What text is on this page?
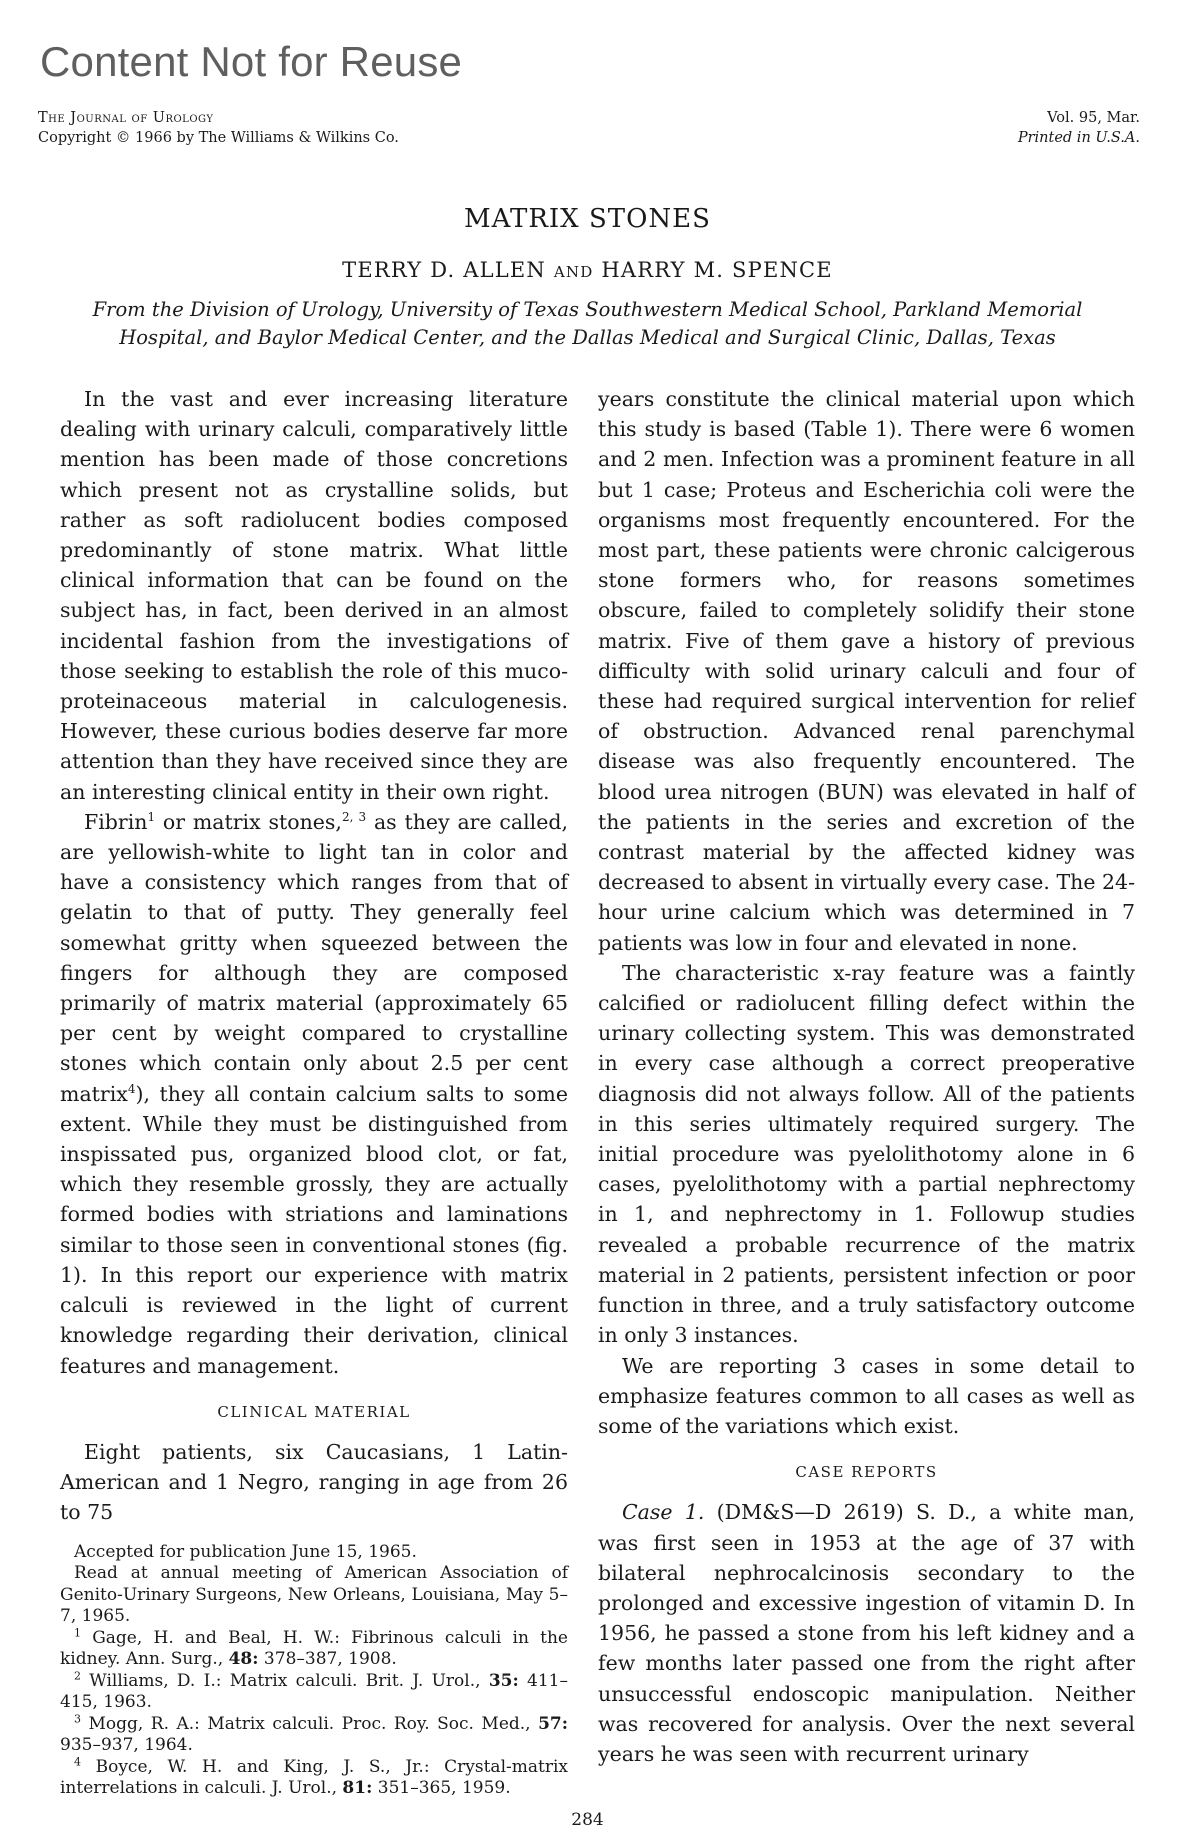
Content Not for Reuse
The Journal of Urology
Copyright © 1966 by The Williams & Wilkins Co.
Vol. 95, Mar.
Printed in U.S.A.
MATRIX STONES
TERRY D. ALLEN AND HARRY M. SPENCE
From the Division of Urology, University of Texas Southwestern Medical School, Parkland Memorial
Hospital, and Baylor Medical Center, and the Dallas Medical and Surgical Clinic, Dallas, Texas

In the vast and ever increasing literature dealing with urinary calculi, comparatively little mention has been made of those concretions which present not as crystalline solids, but rather as soft radiolucent bodies composed predominantly of stone matrix. What little clinical information that can be found on the subject has, in fact, been derived in an almost incidental fashion from the investigations of those seeking to establish the role of this muco-proteinaceous material in calculogenesis. However, these curious bodies deserve far more attention than they have received since they are an interesting clinical entity in their own right.

Fibrin$^1$ or matrix stones,$^{2, 3}$ as they are called, are yellowish-white to light tan in color and have a consistency which ranges from that of gelatin to that of putty. They generally feel somewhat gritty when squeezed between the fingers for although they are composed primarily of matrix material (approximately 65 per cent by weight compared to crystalline stones which contain only about 2.5 per cent matrix$^4$), they all contain calcium salts to some extent. While they must be distinguished from inspissated pus, organized blood clot, or fat, which they resemble grossly, they are actually formed bodies with striations and laminations similar to those seen in conventional stones (fig. 1). In this report our experience with matrix calculi is reviewed in the light of current knowledge regarding their derivation, clinical features and management.

CLINICAL MATERIAL

Eight patients, six Caucasians, 1 Latin-American and 1 Negro, ranging in age from 26 to 75

Accepted for publication June 15, 1965.

Read at annual meeting of American Association of Genito-Urinary Surgeons, New Orleans, Louisiana, May 5–7, 1965.

$^1$ Gage, H. and Beal, H. W.: Fibrinous calculi in the kidney. Ann. Surg., 48: 378–387, 1908.

$^2$ Williams, D. I.: Matrix calculi. Brit. J. Urol., 35: 411–415, 1963.

$^3$ Mogg, R. A.: Matrix calculi. Proc. Roy. Soc. Med., 57: 935–937, 1964.

$^4$ Boyce, W. H. and King, J. S., Jr.: Crystal-matrix interrelations in calculi. J. Urol., 81: 351–365, 1959.

years constitute the clinical material upon which this study is based (Table 1). There were 6 women and 2 men. Infection was a prominent feature in all but 1 case; Proteus and Escherichia coli were the organisms most frequently encountered. For the most part, these patients were chronic calcigerous stone formers who, for reasons sometimes obscure, failed to completely solidify their stone matrix. Five of them gave a history of previous difficulty with solid urinary calculi and four of these had required surgical intervention for relief of obstruction. Advanced renal parenchymal disease was also frequently encountered. The blood urea nitrogen (BUN) was elevated in half of the patients in the series and excretion of the contrast material by the affected kidney was decreased to absent in virtually every case. The 24-hour urine calcium which was determined in 7 patients was low in four and elevated in none.

The characteristic x-ray feature was a faintly calcified or radiolucent filling defect within the urinary collecting system. This was demonstrated in every case although a correct preoperative diagnosis did not always follow. All of the patients in this series ultimately required surgery. The initial procedure was pyelolithotomy alone in 6 cases, pyelolithotomy with a partial nephrectomy in 1, and nephrectomy in 1. Followup studies revealed a probable recurrence of the matrix material in 2 patients, persistent infection or poor function in three, and a truly satisfactory outcome in only 3 instances.

We are reporting 3 cases in some detail to emphasize features common to all cases as well as some of the variations which exist.

CASE REPORTS

Case 1. (DM&S—D 2619) S. D., a white man, was first seen in 1953 at the age of 37 with bilateral nephrocalcinosis secondary to the prolonged and excessive ingestion of vitamin D. In 1956, he passed a stone from his left kidney and a few months later passed one from the right after unsuccessful endoscopic manipulation. Neither was recovered for analysis. Over the next several years he was seen with recurrent urinary

284
